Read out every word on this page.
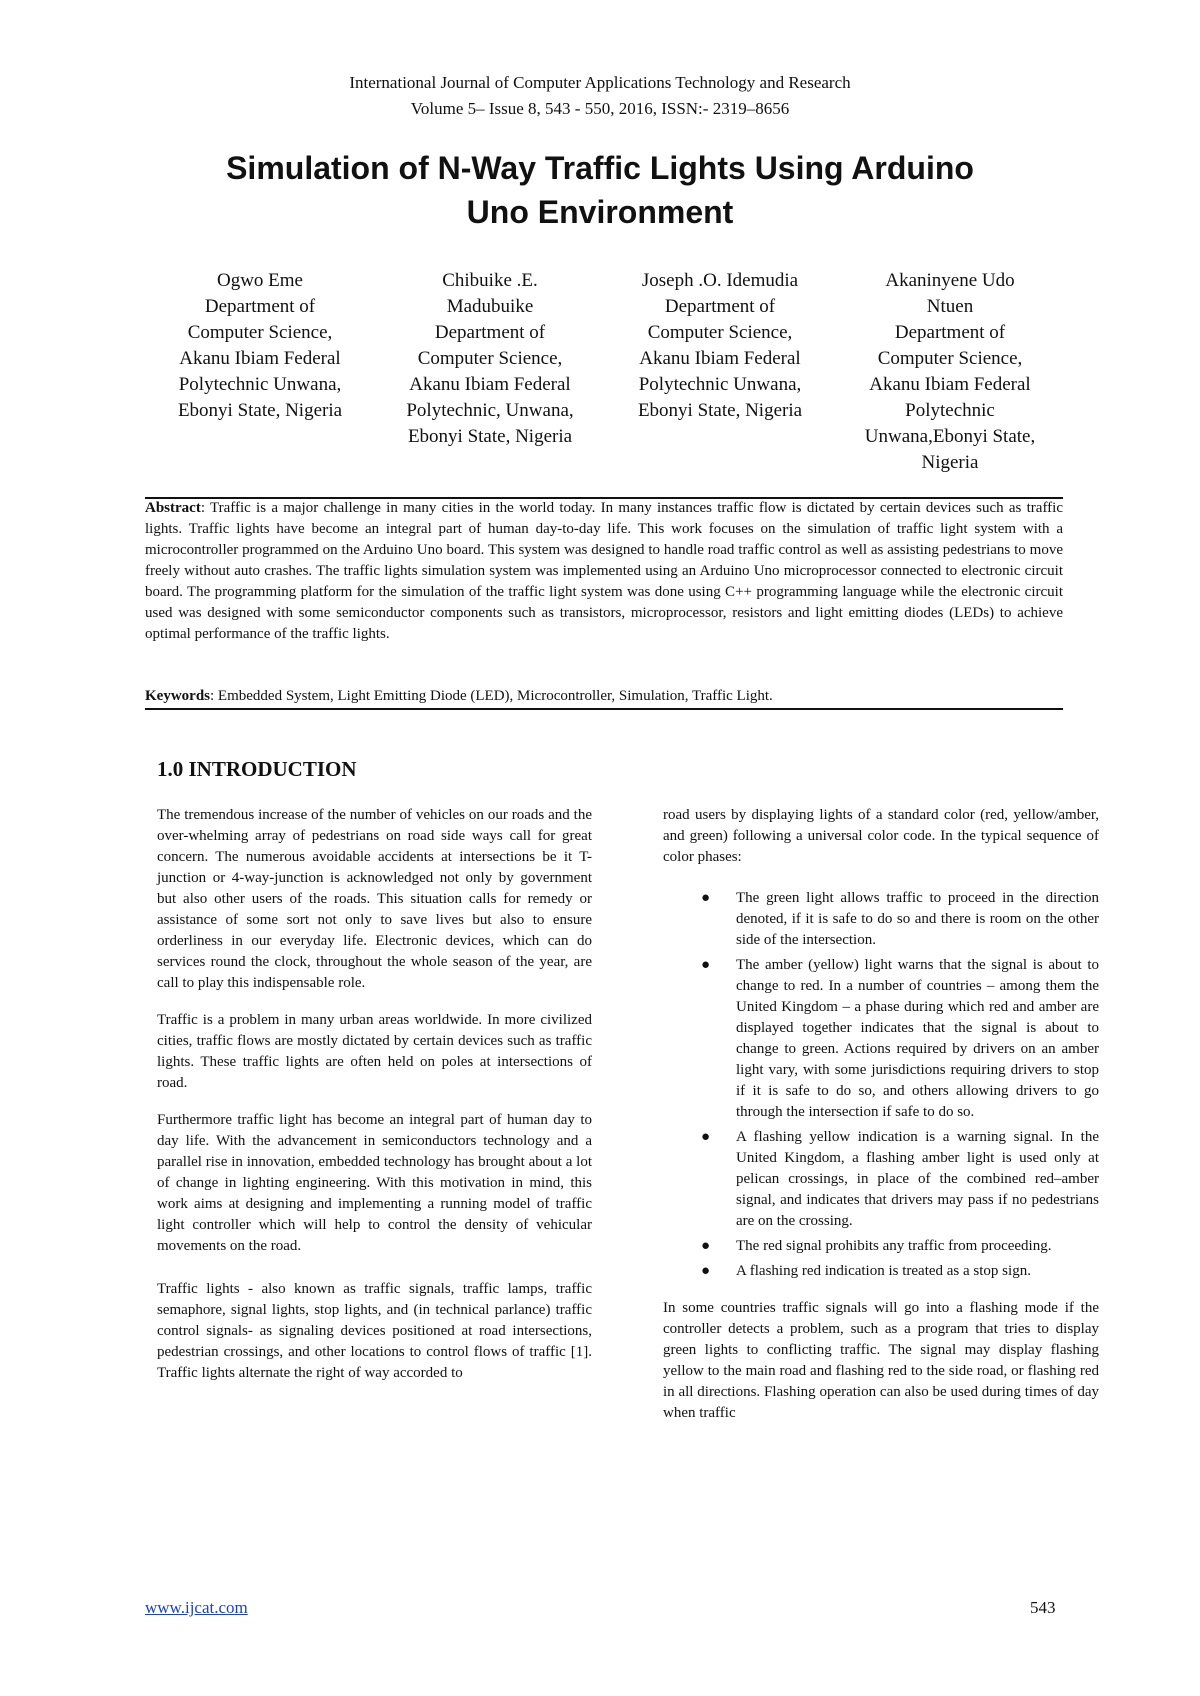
International Journal of Computer Applications Technology and Research
Volume 5– Issue 8, 543 - 550, 2016, ISSN:- 2319–8656
Simulation of N-Way Traffic Lights Using Arduino
Uno Environment
Ogwo Eme
Department of
Computer Science,
Akanu Ibiam Federal
Polytechnic Unwana,
Ebonyi State, Nigeria
Chibuike .E.
Madubuike
Department of
Computer Science,
Akanu Ibiam Federal
Polytechnic, Unwana,
Ebonyi State, Nigeria
Joseph .O. Idemudia
Department of
Computer Science,
Akanu Ibiam Federal
Polytechnic Unwana,
Ebonyi State, Nigeria
Akaninyene Udo
Ntuen
Department of
Computer Science,
Akanu Ibiam Federal
Polytechnic
Unwana,Ebonyi State,
Nigeria
Abstract: Traffic is a major challenge in many cities in the world today. In many instances traffic flow is dictated by certain devices such as traffic lights. Traffic lights have become an integral part of human day-to-day life. This work focuses on the simulation of traffic light system with a microcontroller programmed on the Arduino Uno board. This system was designed to handle road traffic control as well as assisting pedestrians to move freely without auto crashes. The traffic lights simulation system was implemented using an Arduino Uno microprocessor connected to electronic circuit board. The programming platform for the simulation of the traffic light system was done using C++ programming language while the electronic circuit used was designed with some semiconductor components such as transistors, microprocessor, resistors and light emitting diodes (LEDs) to achieve optimal performance of the traffic lights.
Keywords: Embedded System, Light Emitting Diode (LED), Microcontroller, Simulation, Traffic Light.
1.0 INTRODUCTION

The tremendous increase of the number of vehicles on our roads and the over-whelming array of pedestrians on road side ways call for great concern. The numerous avoidable accidents at intersections be it T-junction or 4-way-junction is acknowledged not only by government but also other users of the roads. This situation calls for remedy or assistance of some sort not only to save lives but also to ensure orderliness in our everyday life. Electronic devices, which can do services round the clock, throughout the whole season of the year, are call to play this indispensable role.

Traffic is a problem in many urban areas worldwide. In more civilized cities, traffic flows are mostly dictated by certain devices such as traffic lights. These traffic lights are often held on poles at intersections of road.

Furthermore traffic light has become an integral part of human day to day life. With the advancement in semiconductors technology and a parallel rise in innovation, embedded technology has brought about a lot of change in lighting engineering. With this motivation in mind, this work aims at designing and implementing a running model of traffic light controller which will help to control the density of vehicular movements on the road.

Traffic lights - also known as traffic signals, traffic lamps, traffic semaphore, signal lights, stop lights, and (in technical parlance) traffic control signals- as signaling devices positioned at road intersections, pedestrian crossings, and other locations to control flows of traffic [1]. Traffic lights alternate the right of way accorded to

road users by displaying lights of a standard color (red, yellow/amber, and green) following a universal color code. In the typical sequence of color phases:

● The green light allows traffic to proceed in the direction denoted, if it is safe to do so and there is room on the other side of the intersection.
● The amber (yellow) light warns that the signal is about to change to red. In a number of countries – among them the United Kingdom – a phase during which red and amber are displayed together indicates that the signal is about to change to green. Actions required by drivers on an amber light vary, with some jurisdictions requiring drivers to stop if it is safe to do so, and others allowing drivers to go through the intersection if safe to do so.
● A flashing yellow indication is a warning signal. In the United Kingdom, a flashing amber light is used only at pelican crossings, in place of the combined red–amber signal, and indicates that drivers may pass if no pedestrians are on the crossing.
● The red signal prohibits any traffic from proceeding.
● A flashing red indication is treated as a stop sign.

In some countries traffic signals will go into a flashing mode if the controller detects a problem, such as a program that tries to display green lights to conflicting traffic. The signal may display flashing yellow to the main road and flashing red to the side road, or flashing red in all directions. Flashing operation can also be used during times of day when traffic

www.ijcat.com	543
